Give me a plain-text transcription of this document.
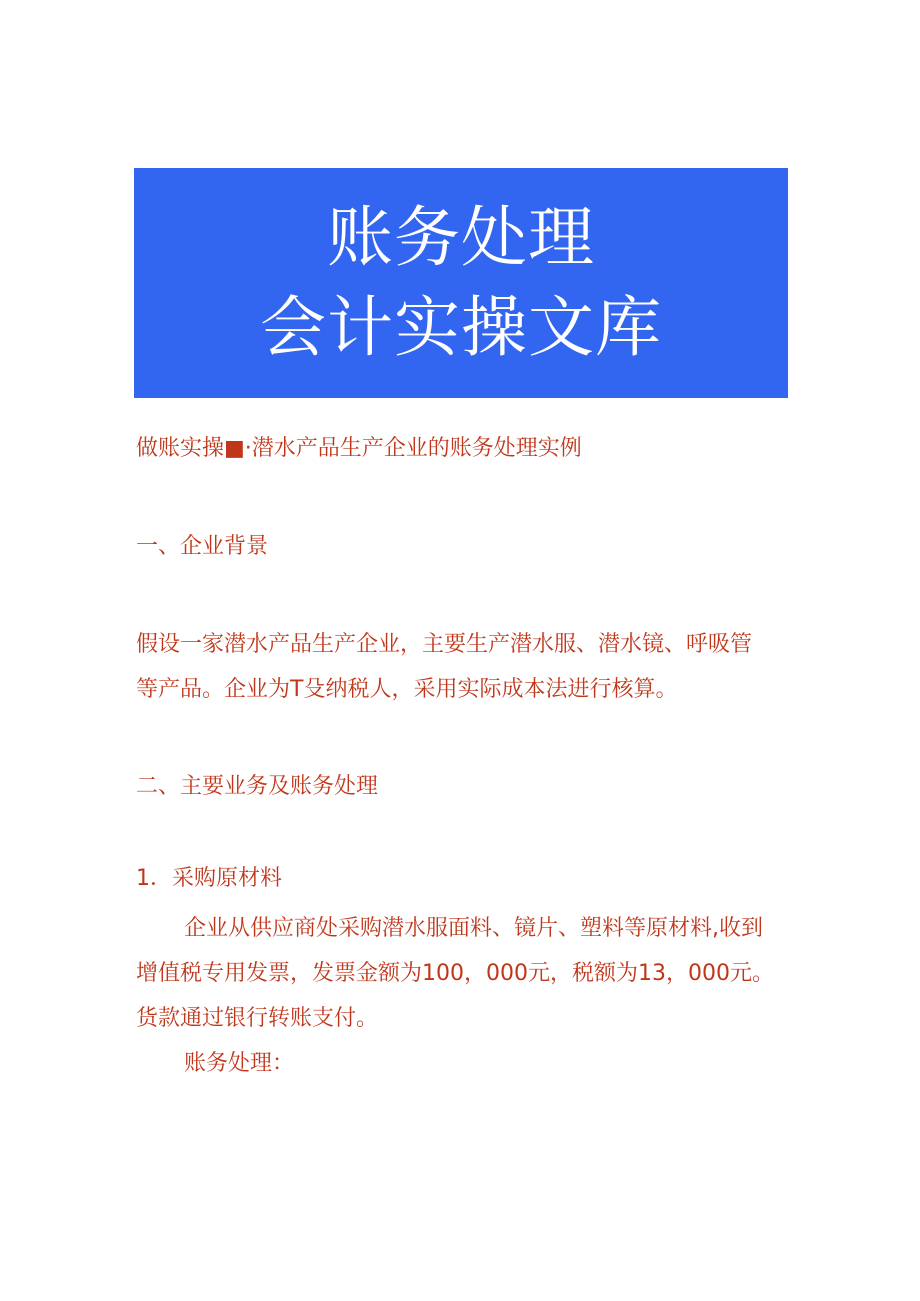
账务处理
会计实操文库
做账实操■·潜水产品生产企业的账务处理实例
一、企业背景
假设一家潜水产品生产企业，主要生产潜水服、潜水镜、呼吸管
等产品。企业为T殳纳税人，采用实际成本法进行核算。
二、主要业务及账务处理
1．采购原材料
企业从供应商处采购潜水服面料、镜片、塑料等原材料,收到
增值税专用发票，发票金额为100，000元，税额为13，000元。
货款通过银行转账支付。
账务处理：
